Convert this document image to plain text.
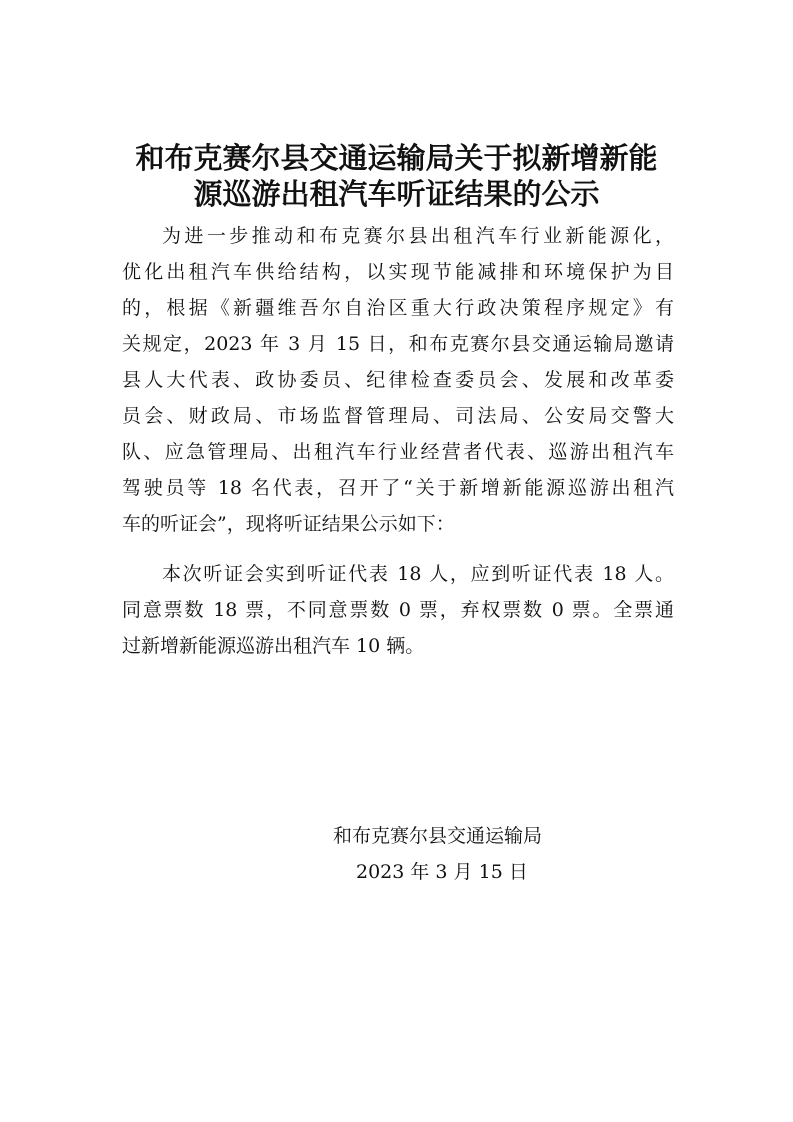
和布克赛尔县交通运输局关于拟新增新能
源巡游出租汽车听证结果的公示
为进一步推动和布克赛尔县出租汽车行业新能源化，
优化出租汽车供给结构，以实现节能减排和环境保护为目
的，根据《新疆维吾尔自治区重大行政决策程序规定》有
关规定，2023 年 3 月 15 日，和布克赛尔县交通运输局邀请
县人大代表、政协委员、纪律检查委员会、发展和改革委
员会、财政局、市场监督管理局、司法局、公安局交警大
队、应急管理局、出租汽车行业经营者代表、巡游出租汽车
驾驶员等 18 名代表，召开了“关于新增新能源巡游出租汽
车的听证会”，现将听证结果公示如下：
本次听证会实到听证代表 18 人，应到听证代表 18 人。
同意票数 18 票，不同意票数 0 票，弃权票数 0 票。全票通
过新增新能源巡游出租汽车 10 辆。
和布克赛尔县交通运输局
2023 年 3 月 15 日
